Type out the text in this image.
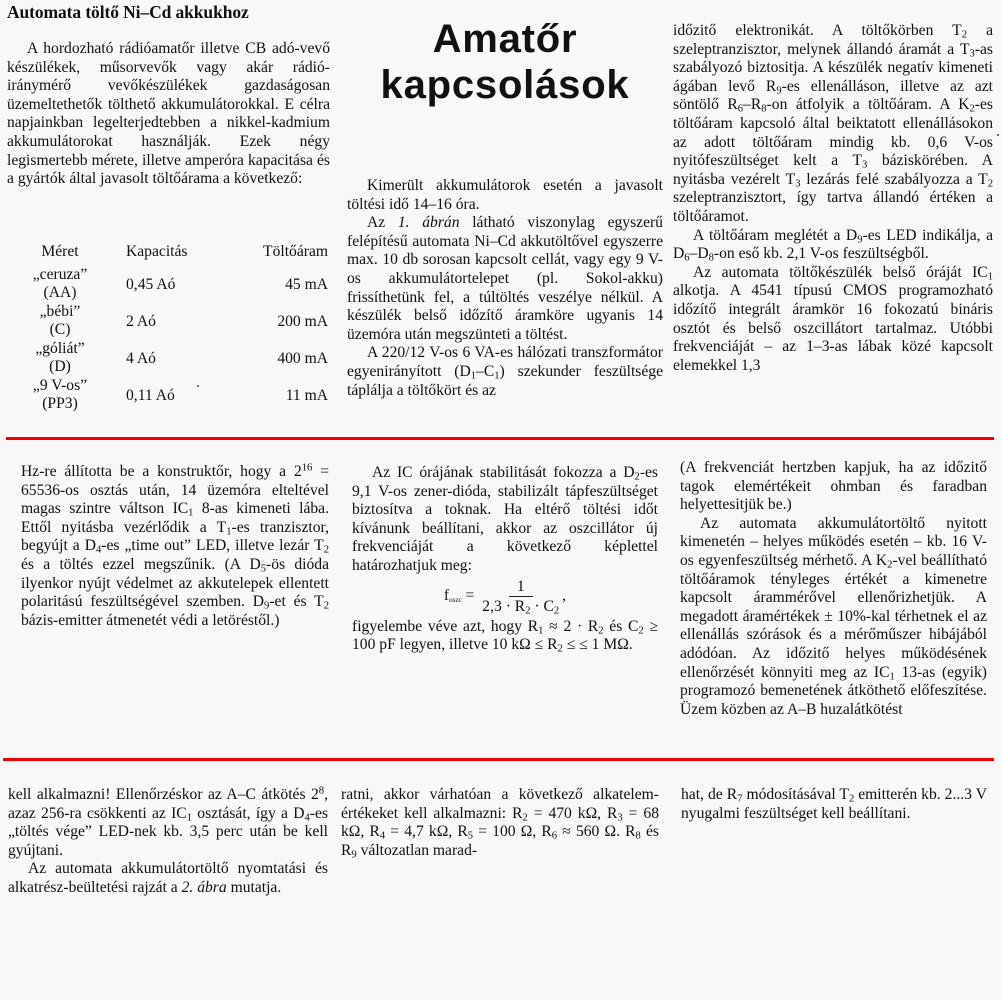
Automata töltő Ni–Cd akkukhoz
Amatőr
kapcsolások

A hordozható rádióamatőr illetve CB adó-vevő készülékek, műsorvevők vagy akár rádió-iránymérő vevőkészülékek gazdaságosan üzemeltethetők tölthető akkumulátorokkal. E célra napjainkban legelterjedtebben a nikkel-kadmium akkumulátorokat használják. Ezek négy legismertebb mérete, illetve amperóra kapacitása és a gyártók által javasolt töltőárama a következő:

Méret	Kapacitás	Töltőáram

„ceruza”
(AA)	0,45 Aó	45 mA

„bébi”
(C)	2 Aó	200 mA

„góliát”
(D)	4 Aó	400 mA

„9 V-os”
(PP3)	0,11 Aó	11 mA

Kimerült akkumulátorok esetén a javasolt töltési idő 14–16 óra.

Az 1. ábrán látható viszonylag egyszerű felépítésű automata Ni–Cd akkutöltővel egyszerre max. 10 db sorosan kapcsolt cellát, vagy egy 9 V-os akkumulátortelepet (pl. Sokol-akku) frissíthetünk fel, a túltöltés veszélye nélkül. A készülék belső időzítő áramköre ugyanis 14 üzemóra után megszünteti a töltést.

A 220/12 V-os 6 VA-es hálózati transzformátor egyenirányított $(D_1-C_1)$ szekunder feszültsége táplálja a töltőkört és az

időzitő elektronikát. A töltőkörben $T_2$ a szeleptranzisztor, melynek állandó áramát a $T_3-as$ szabályozó biztositja. A készülék negatív kimeneti ágában levő $R_9-es$ ellenálláson, illetve az azt söntölő $R_6-R_8-on$ átfolyik a töltőáram. A $K_2-es$ töltőáram kapcsoló által beiktatott ellenállásokon az adott töltőáram mindig kb. 0,6 V-os nyitófeszültséget kelt a $T_3$ báziskörében. A nyitásba vezérelt $T_3$ lezárás felé szabályozza a $T_2$ szeleptranzisztort, így tartva állandó értéken a töltőáramot.

A töltőáram meglétét a $D_9-es$ LED indikálja, a $D_6-D_8-on$ eső kb. 2,1 V-os feszültségből.

Az automata töltőkészülék belső óráját $IC_1$ alkotja. A 4541 típusú CMOS programozható időzítő integrált áramkör 16 fokozatú bináris osztót és belső oszcillátort tartalmaz. Utóbbi frekvenciáját – az 1–3-as lábak közé kapcsolt elemekkel 1,3

Hz-re állította be a konstruktőr, hogy a $2^{16} = 65536-os$ osztás után, 14 üzemóra elteltével magas szintre váltson $IC_1$ 8-as kimeneti lába. Ettől nyitásba vezérlődik a $T_1-es$ tranzisztor, begyújt a $D_4-es$ „time out” LED, illetve lezár $T_2$ és a töltés ezzel megszűnik. (A $D_5-ös$ dióda ilyenkor nyújt védelmet az akkutelepek ellentett polaritású feszültségével szemben. $D_9-et$ és $T_2$ bázis-emitter átmenetét védi a letöréstől.)

Az IC órájának stabilitását fokozza a $D_2-es$ 9,1 V-os zener-dióda, stabilizált tápfeszültséget biztosítva a toknak. Ha eltérő töltési időt kívánunk beállítani, akkor az oszcillátor új frekvenciáját a következő képlettel határozhatjuk meg:

$f_{oszc} = \frac{1}{2,3 \cdot R_2 \cdot C_2}$ ,

figyelembe véve azt, hogy $R_1 \approx 2 \cdot R_2$ és $C_2 \ge 100$ pF legyen, illetve 10 $k\Omega \le R_2$ ≤ ≤ 1 MΩ.

(A frekvenciát hertzben kapjuk, ha az időzitő tagok elemértékeit ohmban és faradban helyettesitjük be.)

Az automata akkumulátortöltő nyitott kimenetén – helyes működés esetén – kb. 16 V-os egyenfeszültség mérhető. A $K_2$-vel beállítható töltőáramok tényleges értékét a kimenetre kapcsolt árammérővel ellenőrizhetjük. A megadott áramértékek ± 10%-kal térhetnek el az ellenállás szórások és a mérőműszer hibájából adódóan. Az időzitő helyes működésének ellenőrzését könnyiti meg az $IC_1$ 13-as (egyik) programozó bemenetének átköthető előfeszítése. Üzem közben az A–B huzalátkötést

kell alkalmazni! Ellenőrzéskor az A–C átkötés $2^8$, azaz 256-ra csökkenti az $IC_1$ osztását, így a $D_4-es$ „töltés vége” LED-nek kb. 3,5 perc után be kell gyújtani.

Az automata akkumulátortöltő nyomtatási és alkatrész-beültetési rajzát a 2. ábra mutatja.

ratni, akkor várhatóan a következő alkatelem-értékeket kell alkalmazni: $R_2 = 470$ kΩ, $R_3 = 68$ kΩ, $R_4 = 4,7$ kΩ, $R_5 = 100$ Ω, $R_6 \approx 560$ Ω. $R_8$ és $R_9$ változatlan marad-

hat, de $R_7$ módosításával $T_2$ emitterén kb. 2...3 V nyugalmi feszültséget kell beállítani.
